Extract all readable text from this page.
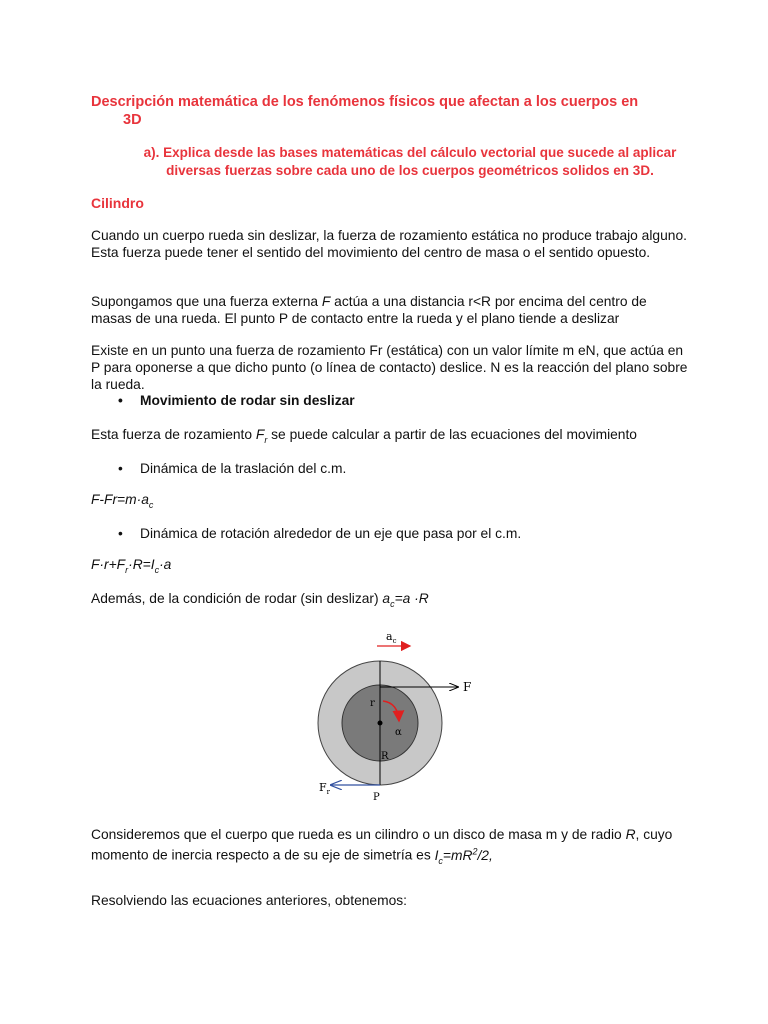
Descripción matemática de los fenómenos físicos que afectan a los cuerpos en
3D
a). Explica desde las bases matemáticas del cálculo vectorial que sucede al aplicar diversas fuerzas sobre cada uno de los cuerpos geométricos solidos en 3D.
Cilindro

Cuando un cuerpo rueda sin deslizar, la fuerza de rozamiento estática no produce trabajo alguno. Esta fuerza puede tener el sentido del movimiento del centro de masa o el sentido opuesto.

Supongamos que una fuerza externa F actúa a una distancia r<R por encima del centro de masas de una rueda. El punto P de contacto entre la rueda y el plano tiende a deslizar

Existe en un punto una fuerza de rozamiento Fr (estática) con un valor límite m eN, que actúa en P para oponerse a que dicho punto (o línea de contacto) deslice. N es la reacción del plano sobre la rueda.

• Movimiento de rodar sin deslizar

Esta fuerza de rozamiento $F_r$ se puede calcular a partir de las ecuaciones del movimiento

• Dinámica de la traslación del c.m.
$F-Fr=m\cdot a_c$
• Dinámica de rotación alrededor de un eje que pasa por el c.m.
$F\cdot r+F_r\cdot R=I_c\cdot a$

Además, de la condición de rodar (sin deslizar) $a_c=a \cdot R$

$a_c$
F
r
α
R
$F_r$	P

Consideremos que el cuerpo que rueda es un cilindro o un disco de masa m y de radio R, cuyo momento de inercia respecto a de su eje de simetría es $I_c=mR^2/2$,

Resolviendo las ecuaciones anteriores, obtenemos:
